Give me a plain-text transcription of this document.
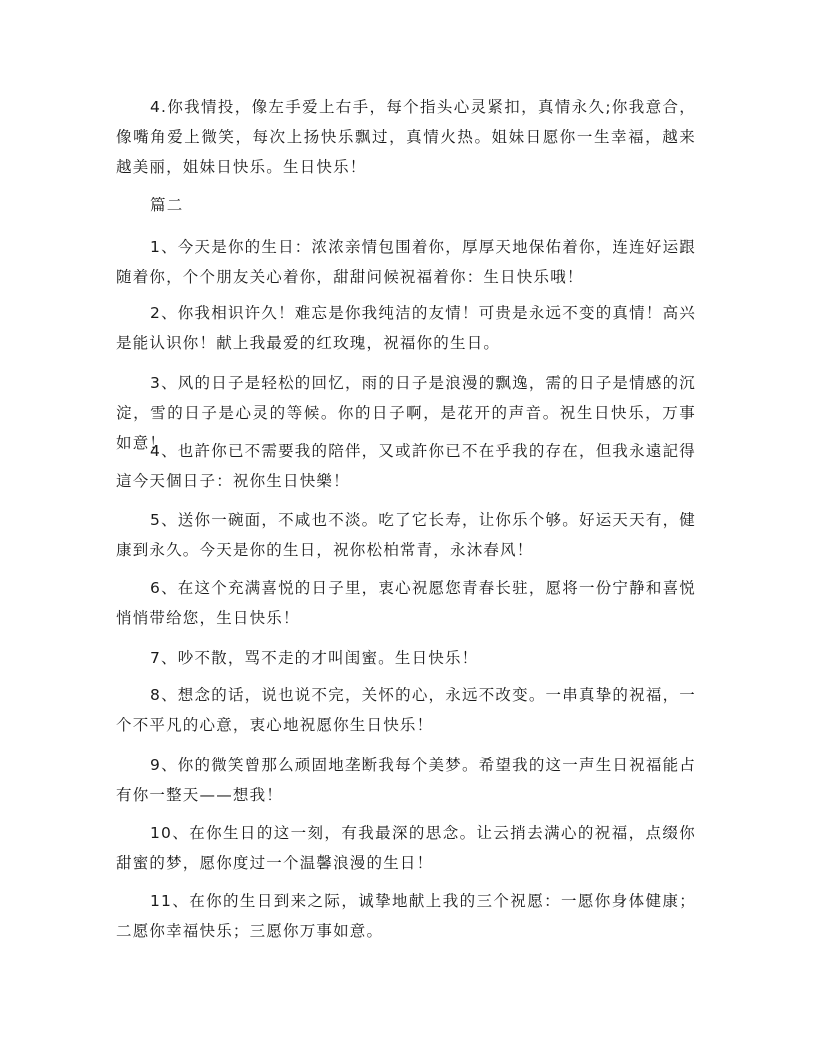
4.你我情投，像左手爱上右手，每个指头心灵紧扣，真情永久;你我意合，像嘴角爱上微笑，每次上扬快乐飘过，真情火热。姐妹日愿你一生幸福，越来越美丽，姐妹日快乐。生日快乐！

篇二

1、今天是你的生日：浓浓亲情包围着你，厚厚天地保佑着你，连连好运跟随着你，个个朋友关心着你，甜甜问候祝福着你：生日快乐哦！

2、你我相识许久！难忘是你我纯洁的友情！可贵是永远不变的真情！高兴是能认识你！献上我最爱的红玫瑰，祝福你的生日。

3、风的日子是轻松的回忆，雨的日子是浪漫的飘逸，需的日子是情感的沉淀，雪的日子是心灵的等候。你的日子啊，是花开的声音。祝生日快乐，万事如意！

4、也許你已不需要我的陪伴，又或許你已不在乎我的存在，但我永遠記得這今天個日子：祝你生日快樂！

5、送你一碗面，不咸也不淡。吃了它长寿，让你乐个够。好运天天有，健康到永久。今天是你的生日，祝你松柏常青，永沐春风！

6、在这个充满喜悦的日子里，衷心祝愿您青春长驻，愿将一份宁静和喜悦悄悄带给您，生日快乐！

7、吵不散，骂不走的才叫闺蜜。生日快乐！

8、想念的话，说也说不完，关怀的心，永远不改变。一串真挚的祝福，一个不平凡的心意，衷心地祝愿你生日快乐！

9、你的微笑曾那么顽固地垄断我每个美梦。希望我的这一声生日祝福能占有你一整天——想我！

10、在你生日的这一刻，有我最深的思念。让云捎去满心的祝福，点缀你甜蜜的梦，愿你度过一个温馨浪漫的生日！

11、在你的生日到来之际，诚挚地献上我的三个祝愿：一愿你身体健康；二愿你幸福快乐；三愿你万事如意。
